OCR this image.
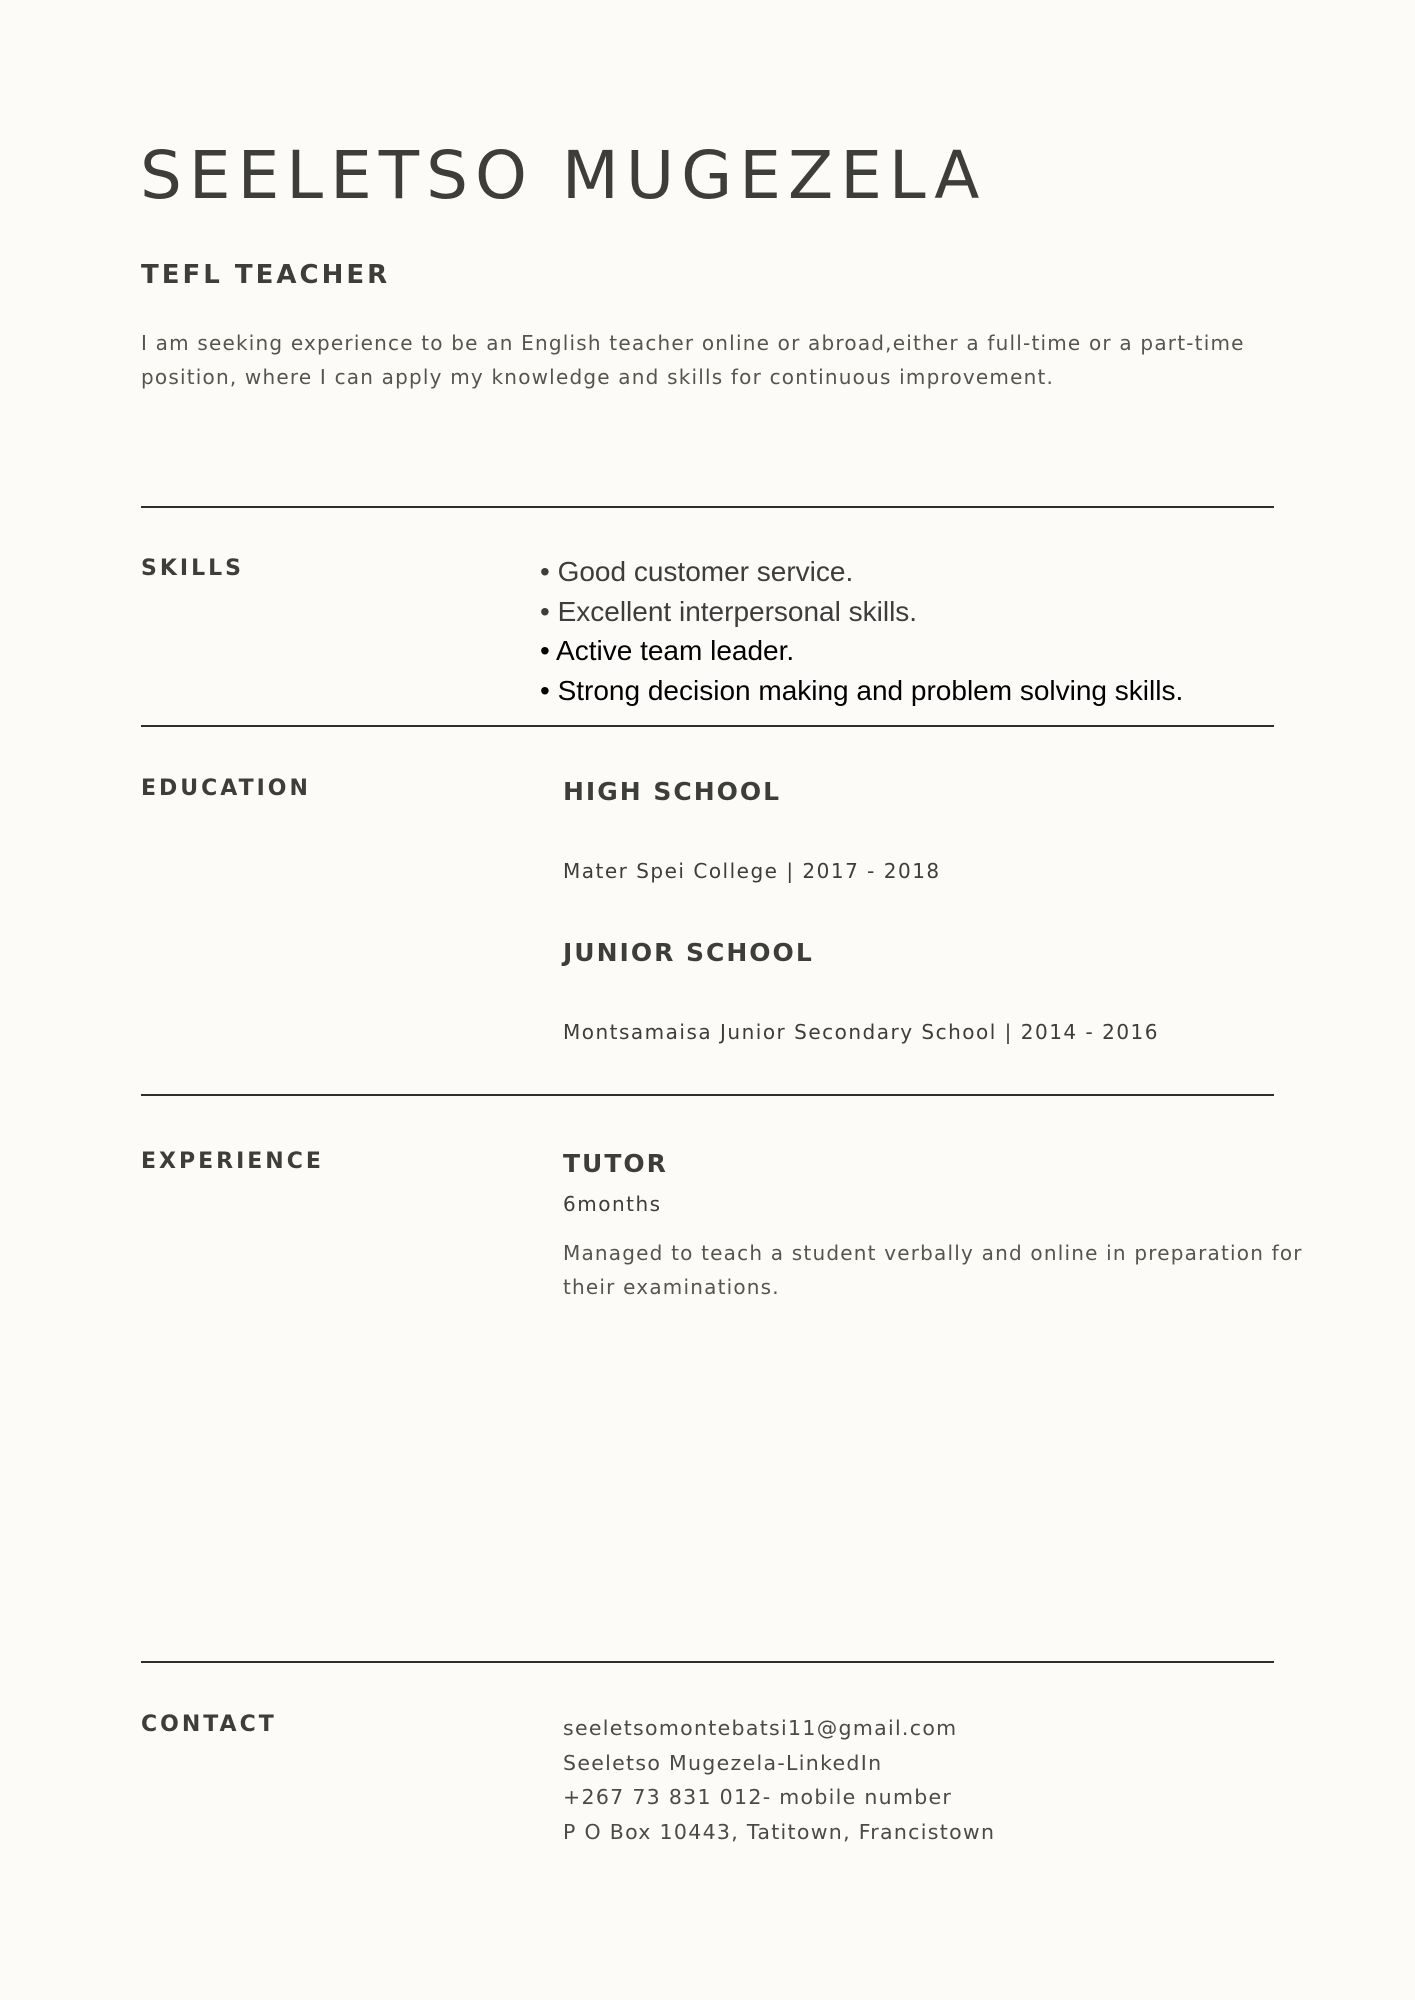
SEELETSO MUGEZELA
TEFL TEACHER
I am seeking experience to be an English teacher online or abroad,either a full-time or a part-time position, where I can apply my knowledge and skills for continuous improvement.
SKILLS	• Good customer service.
• Excellent interpersonal skills.
• Active team leader.
• Strong decision making and problem solving skills.
EDUCATION	HIGH SCHOOL
Mater Spei College | 2017 - 2018
JUNIOR SCHOOL
Montsamaisa Junior Secondary School | 2014 - 2016
EXPERIENCE	TUTOR
6months
Managed to teach a student verbally and online in preparation for their examinations.
CONTACT	seeletsomontebatsi11@gmail.com
Seeletso Mugezela-LinkedIn
+267 73 831 012- mobile number
P O Box 10443, Tatitown, Francistown
